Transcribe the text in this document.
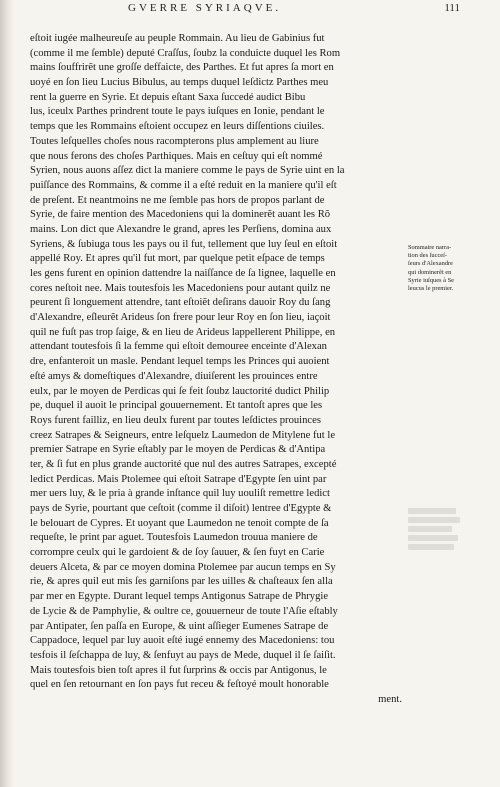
GVERRE SYRIAQVE.	111
eſtoit iugée malheureuſe au peuple Rommain. Au lieu de Gabinius fut
(comme il me ſemble) deputé Craſſus, ſoubz la conduicte duquel les Rom
mains ſouffrirẽt une groſſe deffaicte, des Parthes. Et fut apres ſa mort en
uoyé en ſon lieu Lucius Bibulus, au temps duquel leſdictz Parthes meu
rent la guerre en Syrie. Et depuis eſtant Saxa ſuccedé audict Bibu
lus, iceulx Parthes prindrent toute le pays iuſques en Ionie, pendant le
temps que les Rommains eſtoient occupez en leurs diſſentions ciuiles.
Toutes leſquelles choſes nous racompterons plus amplement au liure
que nous ferons des choſes Parthiques. Mais en ceſtuy qui eſt nommé
Syrien, nous auons aſſez dict la maniere comme le pays de Syrie uint en la
puiſſance des Rommains, & comme il a eſté reduit en la maniere qu'il eſt
de preſent. Et neantmoins ne me ſemble pas hors de propos parlant de
Syrie, de faire mention des Macedoniens qui la dominerẽt auant les Rõ
mains. Lon dict que Alexandre le grand, apres les Perſiens, domina aux
Syriens, & ſubiuga tous les pays ou il fut, tellement que luy ſeul en eſtoit
appellé Roy. Et apres qu'il fut mort, par quelque petit eſpace de temps
les gens furent en opinion dattendre la naiſſance de ſa lignee, laquelle en
cores neſtoit nee. Mais toutesfois les Macedoniens pour autant quilz ne
peurent ſi longuement attendre, tant eſtoiẽt deſirans dauoir Roy du ſang
d'Alexandre, eſleurẽt Arideus ſon frere pour leur Roy en ſon lieu, iaçoit
quil ne fuſt pas trop ſaige, & en lieu de Arideus lappellerent Philippe, en
attendant toutesfois ſi la femme qui eſtoit demouree enceinte d'Alexan
dre, enfanteroit un masle. Pendant lequel temps les Princes qui auoient
eſté amys & domeſtiques d'Alexandre, diuiſerent les prouinces entre
eulx, par le moyen de Perdicas qui ſe feit ſoubz lauctorité dudict Philip
pe, duquel il auoit le principal gouuernement. Et tantoſt apres que les
Roys furent failliz, en lieu deulx furent par toutes leſdictes prouinces
creez Satrapes & Seigneurs, entre leſquelz Laumedon de Mitylene fut le
premier Satrape en Syrie eſtably par le moyen de Perdicas & d'Antipa
ter, & ſi fut en plus grande auctorité que nul des autres Satrapes, excepté
ledict Perdicas. Mais Ptolemee qui eſtoit Satrape d'Egypte ſen uint par
mer uers luy, & le pria à grande inſtance quil luy uouliſt remettre ledict
pays de Syrie, pourtant que ceſtoit (comme il diſoit) lentree d'Egypte &
le belouart de Cypres. Et uoyant que Laumedon ne tenoit compte de ſa
requeſte, le print par aguet. Toutesfois Laumedon trouua maniere de
corrompre ceulx qui le gardoient & de ſoy ſauuer, & ſen fuyt en Carie
deuers Alceta, & par ce moyen domina Ptolemee par aucun temps en Sy
rie, & apres quil eut mis ſes garniſons par les uilles & chaſteaux ſen alla
par mer en Egypte. Durant lequel temps Antigonus Satrape de Phrygie
de Lycie & de Pamphylie, & oultre ce, gouuerneur de toute l'Aſie eſtably
par Antipater, ſen paſſa en Europe, & uint aſſieger Eumenes Satrape de
Cappadoce, lequel par luy auoit eſté iugé ennemy des Macedoniens: tou
tesfois il ſeſchappa de luy, & ſenfuyt au pays de Mede, duquel il ſe ſaiſit.
Mais toutesfois bien toſt apres il fut ſurprins & occis par Antigonus, le
quel en ſen retournant en ſon pays fut receu & feſtoyé moult honorable
ment.
Sommaire narra-
tion des ſucceſ-
ſeurs d'Alexandre
qui dominerẽt en
Syrie iuſques à Se
leucus le premier.
